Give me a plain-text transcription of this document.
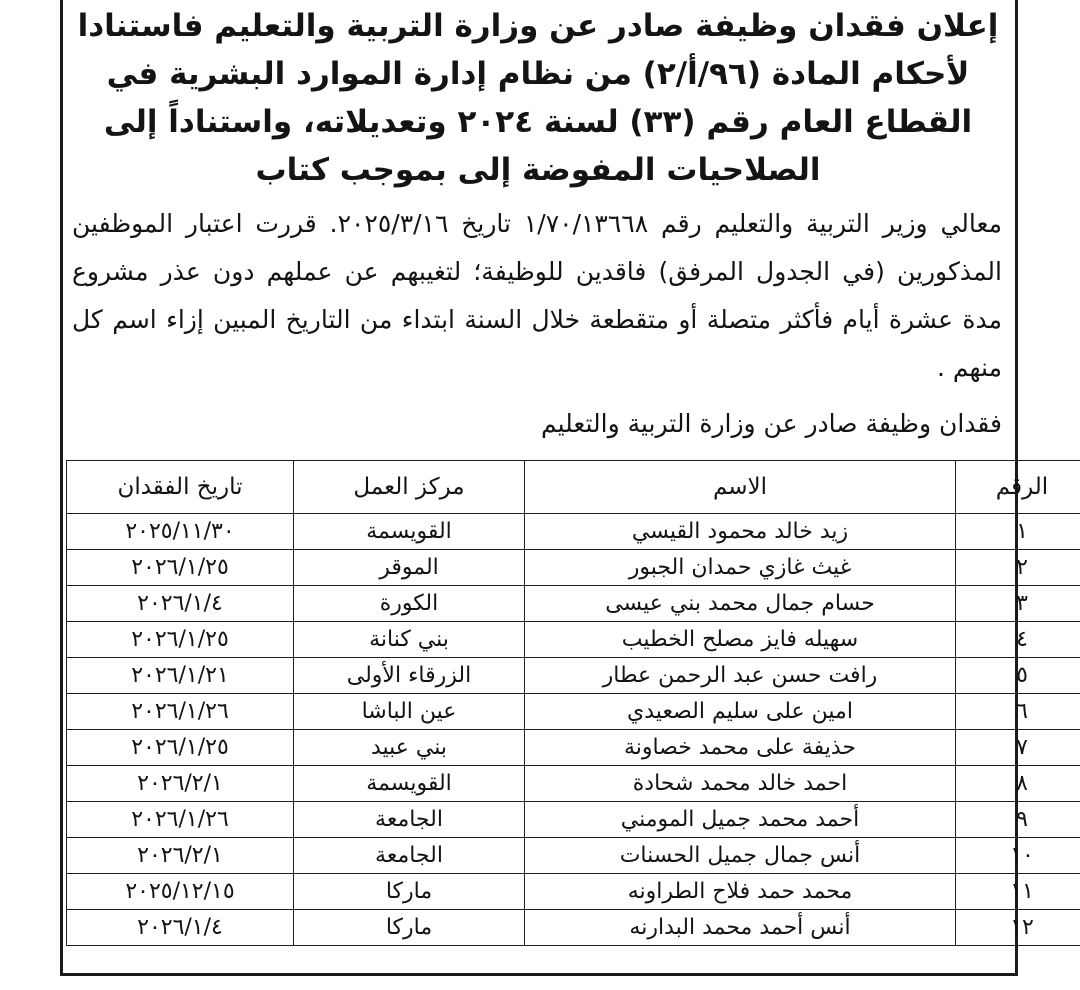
إعلان فقدان وظيفة صادر عن وزارة التربية والتعليم فاستنادا لأحكام المادة (٩٦/أ/٢) من نظام إدارة الموارد البشرية في القطاع العام رقم (٣٣) لسنة ٢٠٢٤ وتعديلاته، واستناداً إلى الصلاحيات المفوضة إلى بموجب كتاب

معالي وزير التربية والتعليم رقم ١/٧٠/١٣٦٦٨ تاريخ ٢٠٢٥/٣/١٦. قررت اعتبار الموظفين المذكورين (في الجدول المرفق) فاقدين للوظيفة؛ لتغيبهم عن عملهم دون عذر مشروع مدة عشرة أيام فأكثر متصلة أو متقطعة خلال السنة ابتداء من التاريخ المبين إزاء اسم كل منهم .

فقدان وظيفة صادر عن وزارة التربية والتعليم

الرقم	الاسم	مركز العمل	تاريخ الفقدان
١	زيد خالد محمود القيسي	القويسمة	٢٠٢٥/١١/٣٠
٢	غيث غازي حمدان الجبور	الموقر	٢٠٢٦/١/٢٥
٣	حسام جمال محمد بني عيسى	الكورة	٢٠٢٦/١/٤
٤	سهيله فايز مصلح الخطيب	بني كنانة	٢٠٢٦/١/٢٥
٥	رافت حسن عبد الرحمن عطار	الزرقاء الأولى	٢٠٢٦/١/٢١
٦	امين على سليم الصعيدي	عين الباشا	٢٠٢٦/١/٢٦
٧	حذيفة على محمد خصاونة	بني عبيد	٢٠٢٦/١/٢٥
٨	احمد خالد محمد شحادة	القويسمة	٢٠٢٦/٢/١
٩	أحمد محمد جميل المومني	الجامعة	٢٠٢٦/١/٢٦
١٠	أنس جمال جميل الحسنات	الجامعة	٢٠٢٦/٢/١
١١	محمد حمد فلاح الطراونه	ماركا	٢٠٢٥/١٢/١٥
١٢	أنس أحمد محمد البدارنه	ماركا	٢٠٢٦/١/٤
